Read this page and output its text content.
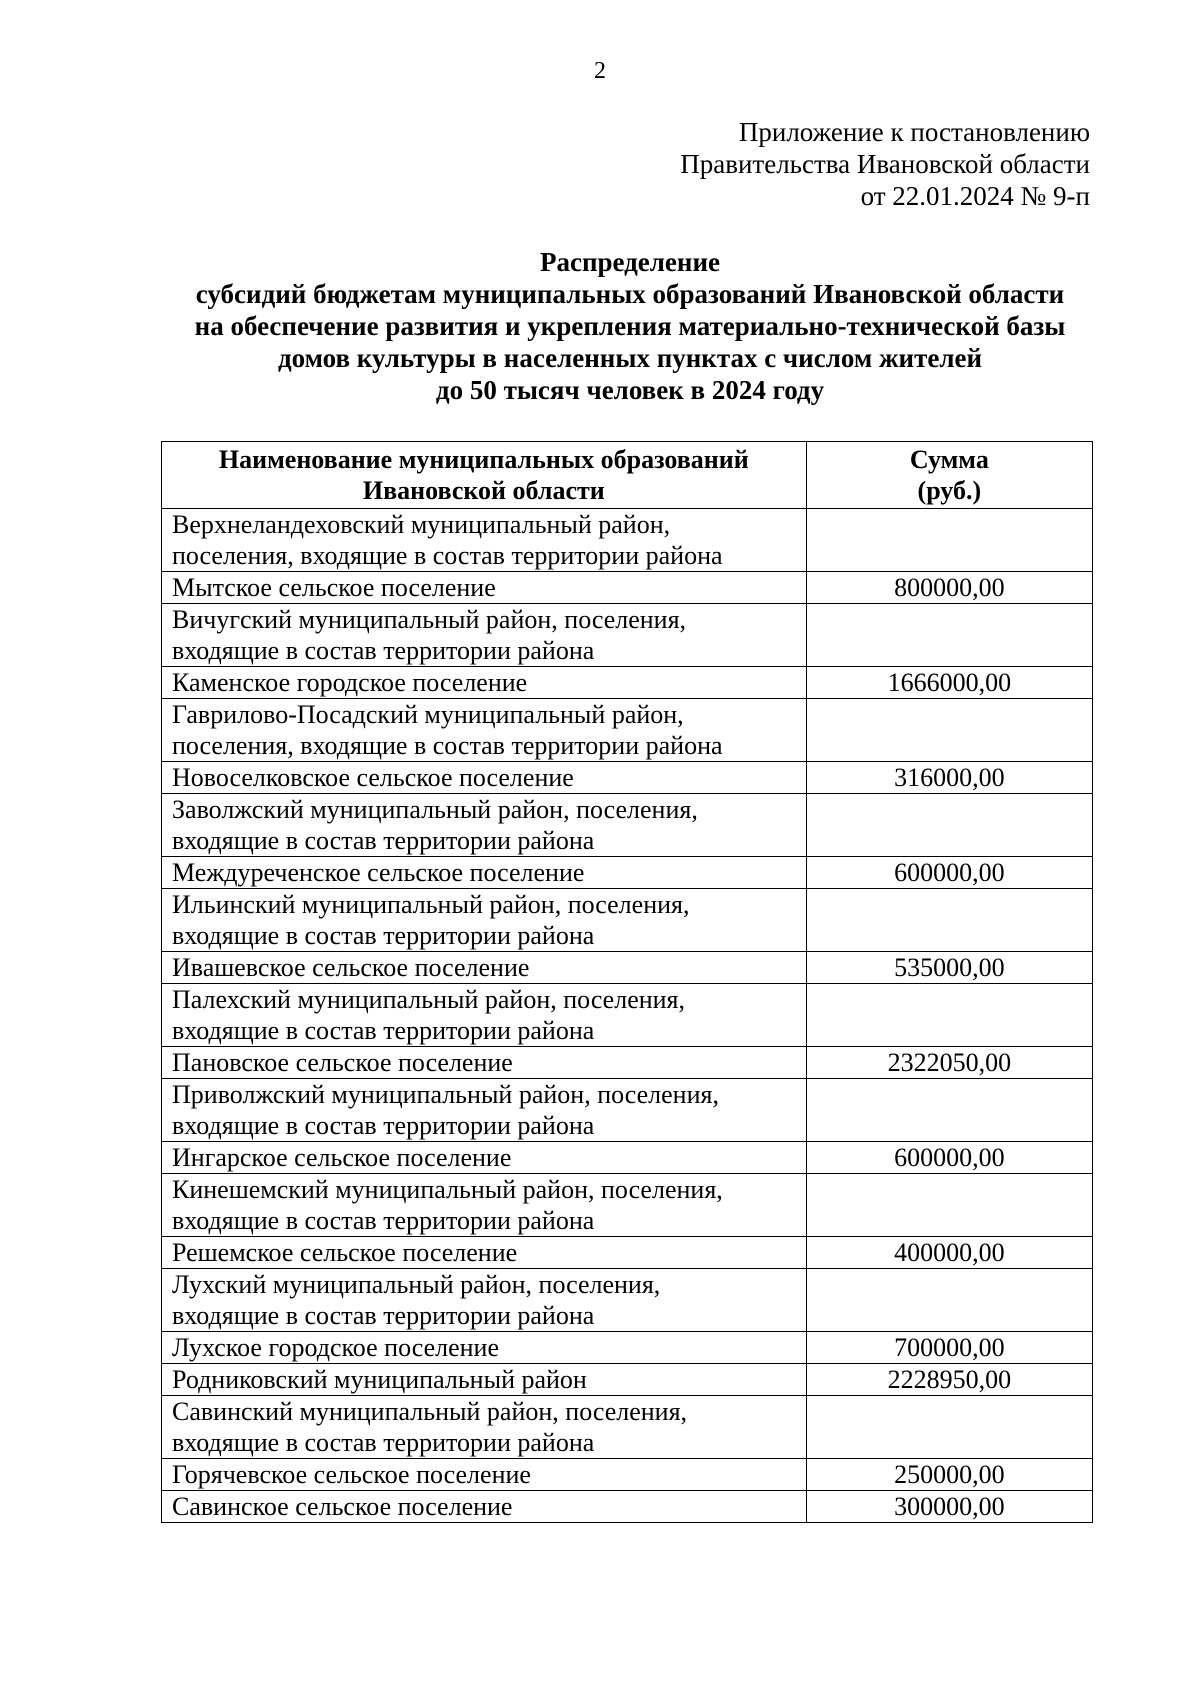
2
Приложение к постановлению
Правительства Ивановской области
от 22.01.2024 № 9-п
Распределение
субсидий бюджетам муниципальных образований Ивановской области
на обеспечение развития и укрепления материально-технической базы
домов культуры в населенных пунктах с числом жителей
до 50 тысяч человек в 2024 году
Наименование муниципальных образований
Ивановской области	Сумма
(руб.)

Верхнеландеховский муниципальный район,
поселения, входящие в состав территории района	

Мытское сельское поселение	800000,00

Вичугский муниципальный район, поселения,
входящие в состав территории района	

Каменское городское поселение	1666000,00

Гаврилово-Посадский муниципальный район,
поселения, входящие в состав территории района	

Новоселковское сельское поселение	316000,00

Заволжский муниципальный район, поселения,
входящие в состав территории района	

Междуреченское сельское поселение	600000,00

Ильинский муниципальный район, поселения,
входящие в состав территории района	

Ивашевское сельское поселение	535000,00

Палехский муниципальный район, поселения,
входящие в состав территории района	

Пановское сельское поселение	2322050,00

Приволжский муниципальный район, поселения,
входящие в состав территории района	

Ингарское сельское поселение	600000,00

Кинешемский муниципальный район, поселения,
входящие в состав территории района	

Решемское сельское поселение	400000,00

Лухский муниципальный район, поселения,
входящие в состав территории района	

Лухское городское поселение	700000,00

Родниковский муниципальный район	2228950,00

Савинский муниципальный район, поселения,
входящие в состав территории района	

Горячевское сельское поселение	250000,00

Савинское сельское поселение	300000,00
